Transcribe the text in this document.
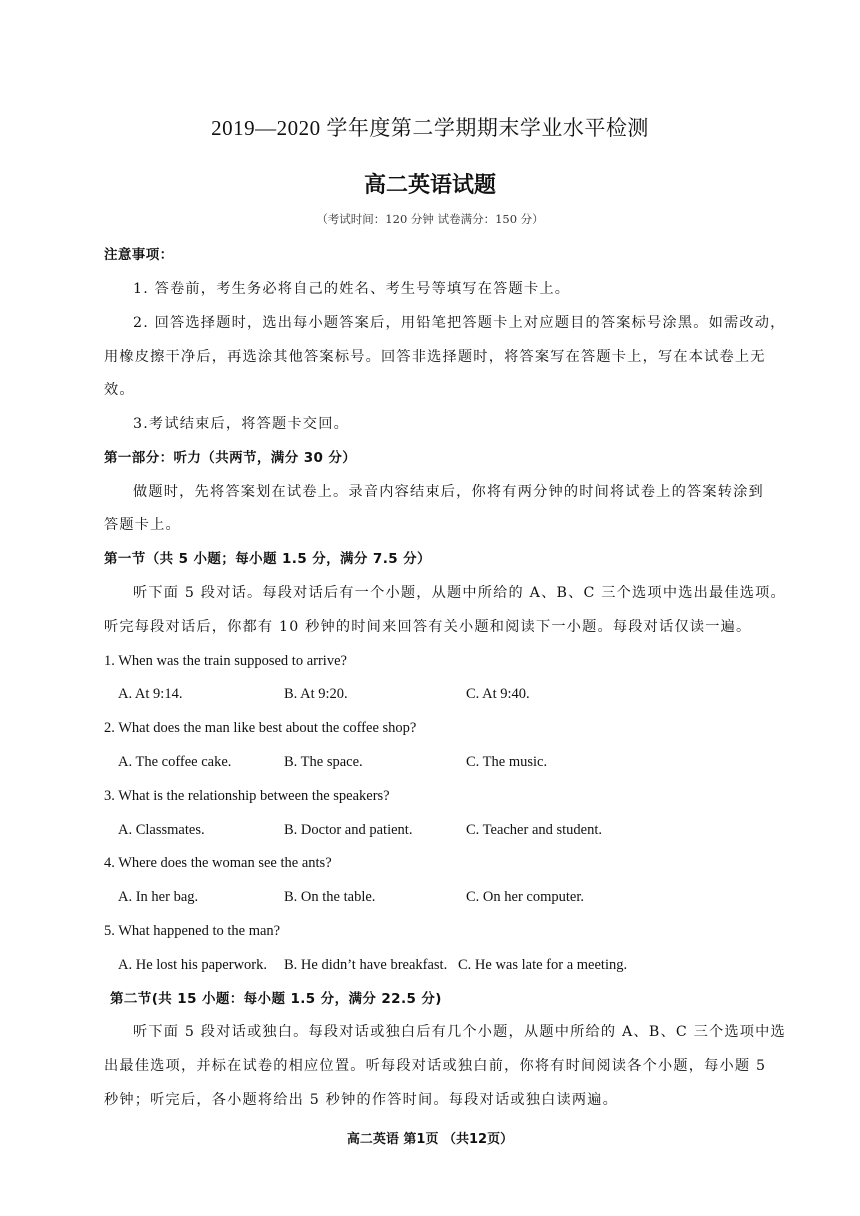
2019—2020 学年度第二学期期末学业水平检测
高二英语试题
（考试时间：120 分钟 试卷满分：150 分）
注意事项：
1. 答卷前，考生务必将自己的姓名、考生号等填写在答题卡上。
2. 回答选择题时，选出每小题答案后，用铅笔把答题卡上对应题目的答案标号涂黑。如需改动，
用橡皮擦干净后，再选涂其他答案标号。回答非选择题时，将答案写在答题卡上，写在本试卷上无
效。
3.考试结束后，将答题卡交回。
第一部分：听力（共两节，满分 30 分）
做题时，先将答案划在试卷上。录音内容结束后，你将有两分钟的时间将试卷上的答案转涂到
答题卡上。
第一节（共 5 小题；每小题 1.5 分，满分 7.5 分）
听下面 5 段对话。每段对话后有一个小题，从题中所给的 A、B、C 三个选项中选出最佳选项。
听完每段对话后，你都有 10 秒钟的时间来回答有关小题和阅读下一小题。每段对话仅读一遍。
1. When was the train supposed to arrive?
A. At 9:14.	B. At 9:20.	C. At 9:40.
2. What does the man like best about the coffee shop?
A. The coffee cake.	B. The space.	C. The music.
3. What is the relationship between the speakers?
A. Classmates.	B. Doctor and patient.	C. Teacher and student.
4. Where does the woman see the ants?
A. In her bag.	B. On the table.	C. On her computer.
5. What happened to the man?
A. He lost his paperwork. B. He didn’t have breakfast. C. He was late for a meeting.
第二节(共 15 小题：每小题 1.5 分，满分 22.5 分)
听下面 5 段对话或独白。每段对话或独白后有几个小题，从题中所给的 A、B、C 三个选项中选
出最佳选项，并标在试卷的相应位置。听每段对话或独白前，你将有时间阅读各个小题，每小题 5
秒钟；听完后，各小题将给出 5 秒钟的作答时间。每段对话或独白读两遍。
高二英语 第1页 （共12页）
